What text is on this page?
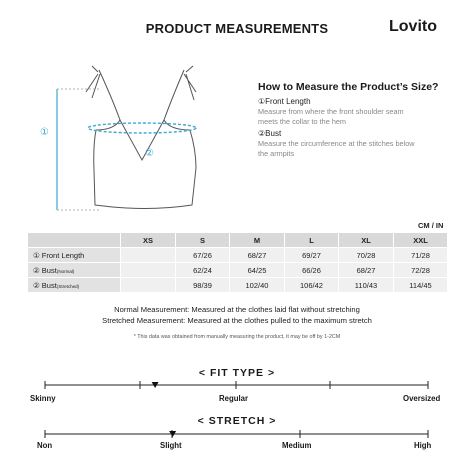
PRODUCT MEASUREMENTS	Lovito
①
②
How to Measure the Product’s Size?
①Front Length
Measure from where the front shoulder seam
meets the collar to the hem
②Bust
Measure the circumference at the stitches below
the armpits
CM / IN
	XS	S	M	L	XL	XXL
① Front Length		67/26	68/27	69/27	70/28	71/28
② Bust(Normal)		62/24	64/25	66/26	68/27	72/28
② Bust(Stretched)		98/39	102/40	106/42	110/43	114/45
Normal Measurement: Measured at the clothes laid flat without stretching
Stretched Measurement: Measured at the clothes pulled to the maximum stretch
* This data was obtained from manually measuring the product, it may be off by 1-2CM
< FIT TYPE >
< STRETCH >
Skinny	Regular	Oversized
Non	Slight	Medium	High
